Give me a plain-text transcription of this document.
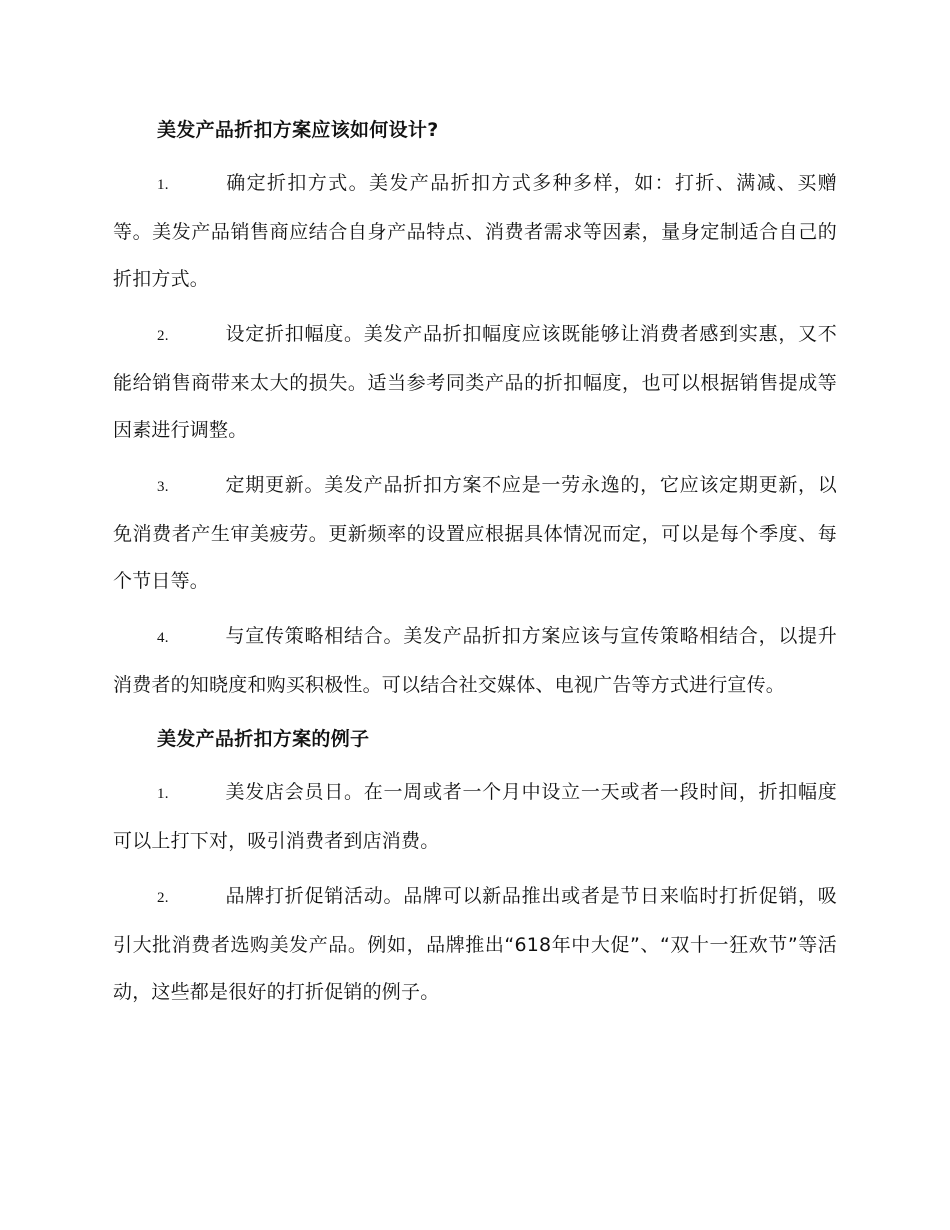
美发产品折扣方案应该如何设计?
1.	确定折扣方式。美发产品折扣方式多种多样，如：打折、满减、买赠等。美发产品销售商应结合自身产品特点、消费者需求等因素，量身定制适合自己的折扣方式。
2.	设定折扣幅度。美发产品折扣幅度应该既能够让消费者感到实惠，又不能给销售商带来太大的损失。适当参考同类产品的折扣幅度，也可以根据销售提成等因素进行调整。
3.	定期更新。美发产品折扣方案不应是一劳永逸的，它应该定期更新，以免消费者产生审美疲劳。更新频率的设置应根据具体情况而定，可以是每个季度、每个节日等。
4.	与宣传策略相结合。美发产品折扣方案应该与宣传策略相结合，以提升消费者的知晓度和购买积极性。可以结合社交媒体、电视广告等方式进行宣传。
美发产品折扣方案的例子
1.	美发店会员日。在一周或者一个月中设立一天或者一段时间，折扣幅度可以上打下对，吸引消费者到店消费。
2.	品牌打折促销活动。品牌可以新品推出或者是节日来临时打折促销，吸引大批消费者选购美发产品。例如，品牌推出“618年中大促”、“双十一狂欢节”等活动，这些都是很好的打折促销的例子。
